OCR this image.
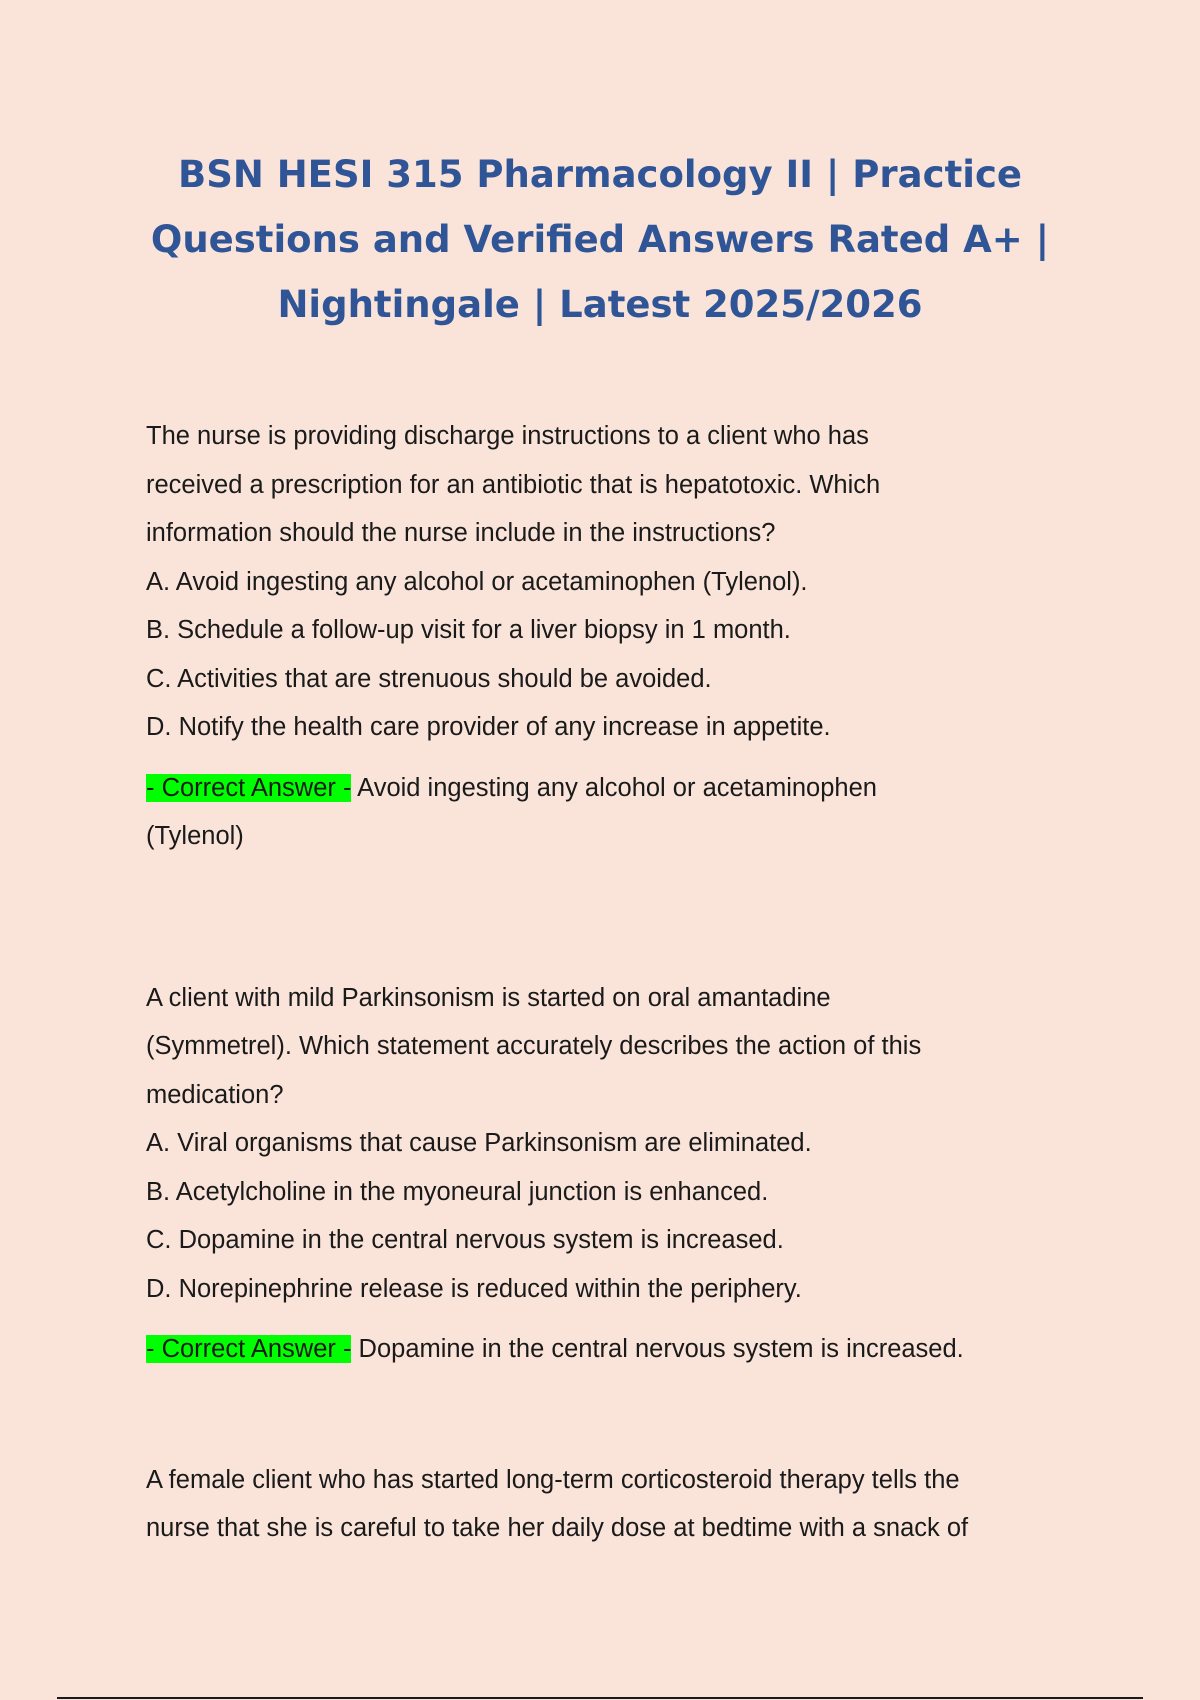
BSN HESI 315 Pharmacology II | Practice
Questions and Verified Answers Rated A+ |
Nightingale | Latest 2025/2026
The nurse is providing discharge instructions to a client who has
received a prescription for an antibiotic that is hepatotoxic. Which
information should the nurse include in the instructions?
A. Avoid ingesting any alcohol or acetaminophen (Tylenol).
B. Schedule a follow-up visit for a liver biopsy in 1 month.
C. Activities that are strenuous should be avoided.
D. Notify the health care provider of any increase in appetite.
- Correct Answer - Avoid ingesting any alcohol or acetaminophen
(Tylenol)
A client with mild Parkinsonism is started on oral amantadine
(Symmetrel). Which statement accurately describes the action of this
medication?
A. Viral organisms that cause Parkinsonism are eliminated.
B. Acetylcholine in the myoneural junction is enhanced.
C. Dopamine in the central nervous system is increased.
D. Norepinephrine release is reduced within the periphery.
- Correct Answer - Dopamine in the central nervous system is increased.
A female client who has started long-term corticosteroid therapy tells the
nurse that she is careful to take her daily dose at bedtime with a snack of
